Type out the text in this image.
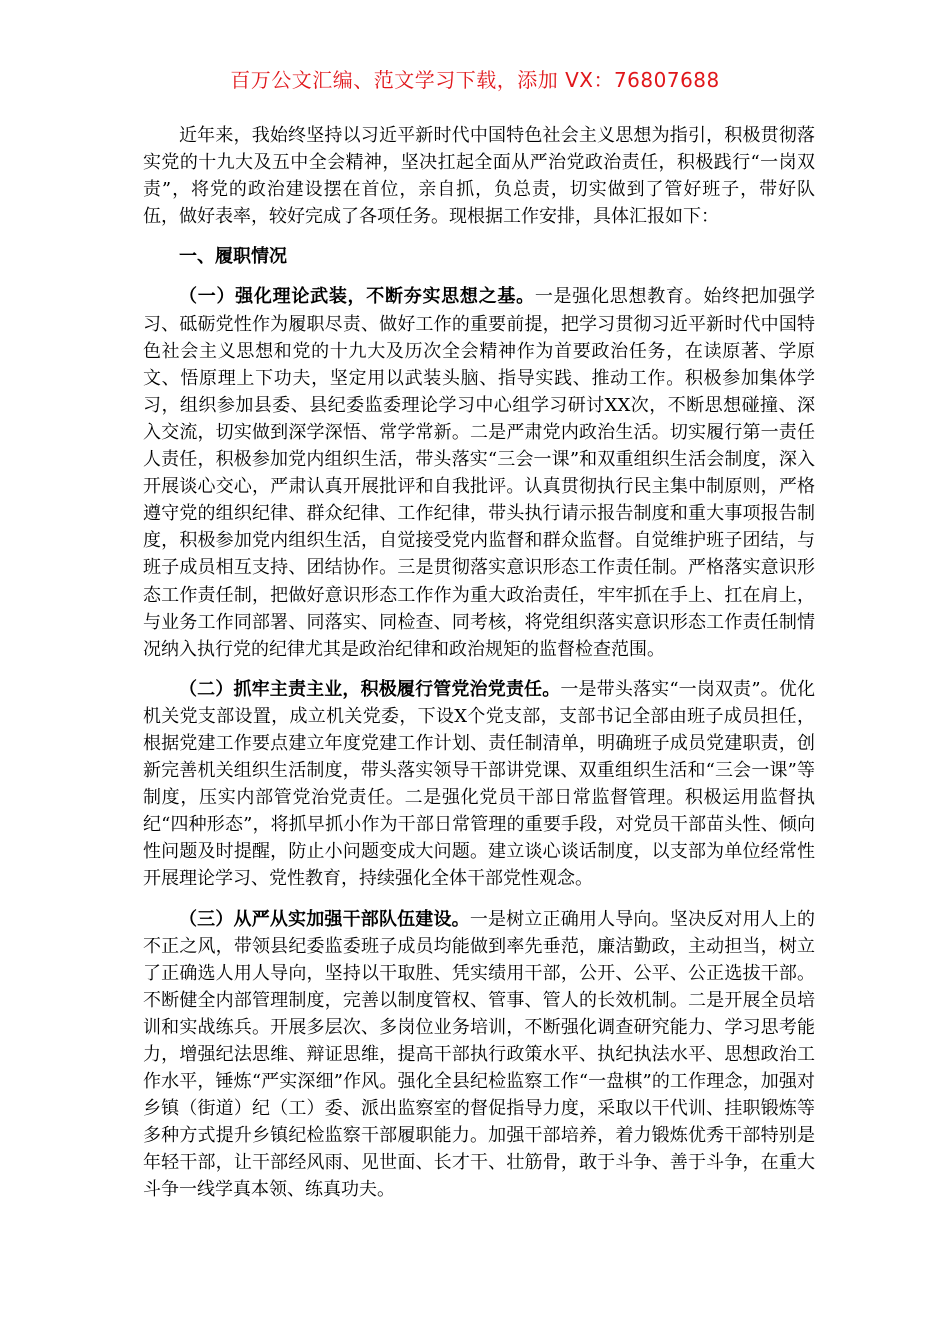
百万公文汇编、范文学习下载，添加 VX：76807688

近年来，我始终坚持以习近平新时代中国特色社会主义思想为指引，积极贯彻落实党的十九大及五中全会精神，坚决扛起全面从严治党政治责任，积极践行“一岗双责”，将党的政治建设摆在首位，亲自抓，负总责，切实做到了管好班子，带好队伍，做好表率，较好完成了各项任务。现根据工作安排，具体汇报如下：

一、履职情况

（一）强化理论武装，不断夯实思想之基。一是强化思想教育。始终把加强学习、砥砺党性作为履职尽责、做好工作的重要前提，把学习贯彻习近平新时代中国特色社会主义思想和党的十九大及历次全会精神作为首要政治任务，在读原著、学原文、悟原理上下功夫，坚定用以武装头脑、指导实践、推动工作。积极参加集体学习，组织参加县委、县纪委监委理论学习中心组学习研讨XX次，不断思想碰撞、深入交流，切实做到深学深悟、常学常新。二是严肃党内政治生活。切实履行第一责任人责任，积极参加党内组织生活，带头落实“三会一课”和双重组织生活会制度，深入开展谈心交心，严肃认真开展批评和自我批评。认真贯彻执行民主集中制原则，严格遵守党的组织纪律、群众纪律、工作纪律，带头执行请示报告制度和重大事项报告制度，积极参加党内组织生活，自觉接受党内监督和群众监督。自觉维护班子团结，与班子成员相互支持、团结协作。三是贯彻落实意识形态工作责任制。严格落实意识形态工作责任制，把做好意识形态工作作为重大政治责任，牢牢抓在手上、扛在肩上，与业务工作同部署、同落实、同检查、同考核，将党组织落实意识形态工作责任制情况纳入执行党的纪律尤其是政治纪律和政治规矩的监督检查范围。

（二）抓牢主责主业，积极履行管党治党责任。一是带头落实“一岗双责”。优化机关党支部设置，成立机关党委，下设X个党支部，支部书记全部由班子成员担任，根据党建工作要点建立年度党建工作计划、责任制清单，明确班子成员党建职责，创新完善机关组织生活制度，带头落实领导干部讲党课、双重组织生活和“三会一课”等制度，压实内部管党治党责任。二是强化党员干部日常监督管理。积极运用监督执纪“四种形态”，将抓早抓小作为干部日常管理的重要手段，对党员干部苗头性、倾向性问题及时提醒，防止小问题变成大问题。建立谈心谈话制度，以支部为单位经常性开展理论学习、党性教育，持续强化全体干部党性观念。

（三）从严从实加强干部队伍建设。一是树立正确用人导向。坚决反对用人上的不正之风，带领县纪委监委班子成员均能做到率先垂范，廉洁勤政，主动担当，树立了正确选人用人导向，坚持以干取胜、凭实绩用干部，公开、公平、公正选拔干部。不断健全内部管理制度，完善以制度管权、管事、管人的长效机制。二是开展全员培训和实战练兵。开展多层次、多岗位业务培训，不断强化调查研究能力、学习思考能力，增强纪法思维、辩证思维，提高干部执行政策水平、执纪执法水平、思想政治工作水平，锤炼“严实深细”作风。强化全县纪检监察工作“一盘棋”的工作理念，加强对乡镇（街道）纪（工）委、派出监察室的督促指导力度，采取以干代训、挂职锻炼等多种方式提升乡镇纪检监察干部履职能力。加强干部培养，着力锻炼优秀干部特别是年轻干部，让干部经风雨、见世面、长才干、壮筋骨，敢于斗争、善于斗争，在重大斗争一线学真本领、练真功夫。
